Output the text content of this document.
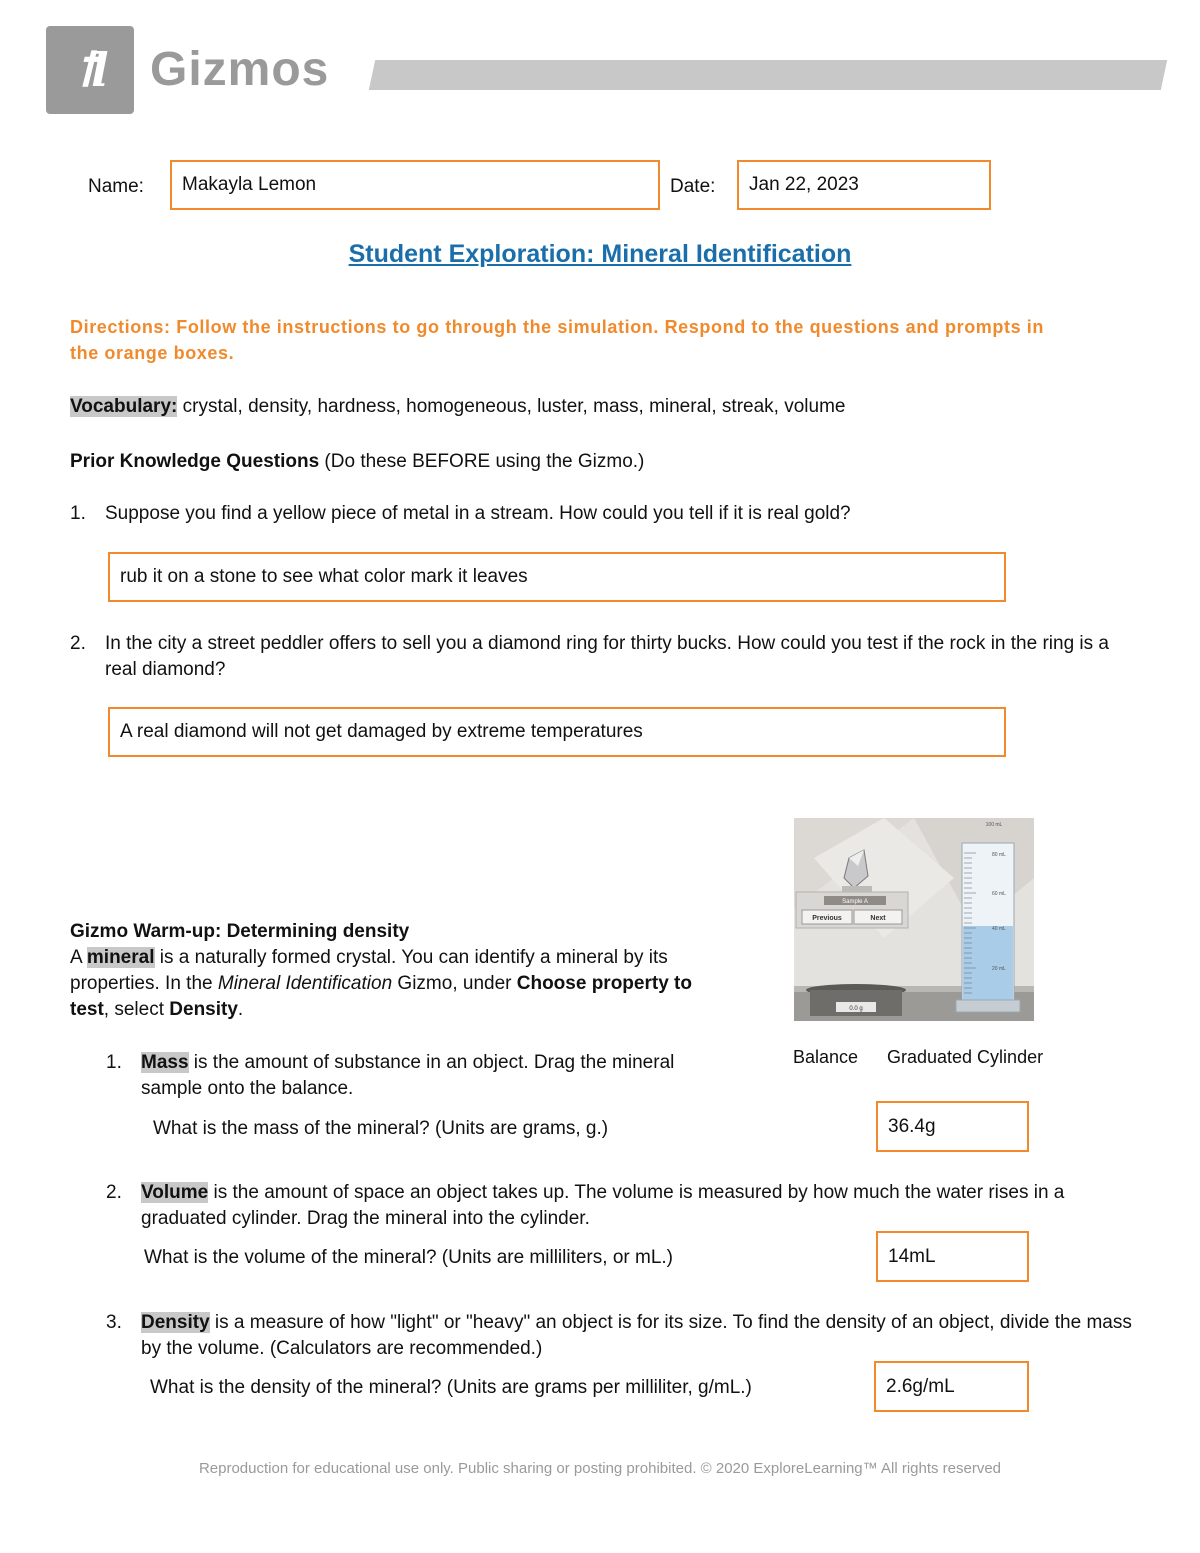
ꝉl Gizmos
Name: Makayla Lemon	Date: Jan 22, 2023
Student Exploration: Mineral Identification
Directions: Follow the instructions to go through the simulation. Respond to the questions and prompts in the orange boxes.
Vocabulary: crystal, density, hardness, homogeneous, luster, mass, mineral, streak, volume
Prior Knowledge Questions (Do these BEFORE using the Gizmo.)
1. Suppose you find a yellow piece of metal in a stream. How could you tell if it is real gold?
rub it on a stone to see what color mark it leaves
2. In the city a street peddler offers to sell you a diamond ring for thirty bucks. How could you test if the rock in the ring is a real diamond?
A real diamond will not get damaged by extreme temperatures
Sample A
Previous	Next
0.0 g
100 mL
80 mL
60 mL
40 mL
20 mL
Balance Graduated Cylinder
Gizmo Warm-up: Determining density
A mineral is a naturally formed crystal. You can identify a mineral by its properties. In the Mineral Identification Gizmo, under Choose property to test, select Density.
1. Mass is the amount of substance in an object. Drag the mineral sample onto the balance.
What is the mass of the mineral? (Units are grams, g.)	36.4g
2. Volume is the amount of space an object takes up. The volume is measured by how much the water rises in a graduated cylinder. Drag the mineral into the cylinder.
What is the volume of the mineral? (Units are milliliters, or mL.)	14mL
3. Density is a measure of how "light" or "heavy" an object is for its size. To find the density of an object, divide the mass by the volume. (Calculators are recommended.)
What is the density of the mineral? (Units are grams per milliliter, g/mL.)	2.6g/mL
Reproduction for educational use only. Public sharing or posting prohibited. © 2020 ExploreLearning™ All rights reserved
